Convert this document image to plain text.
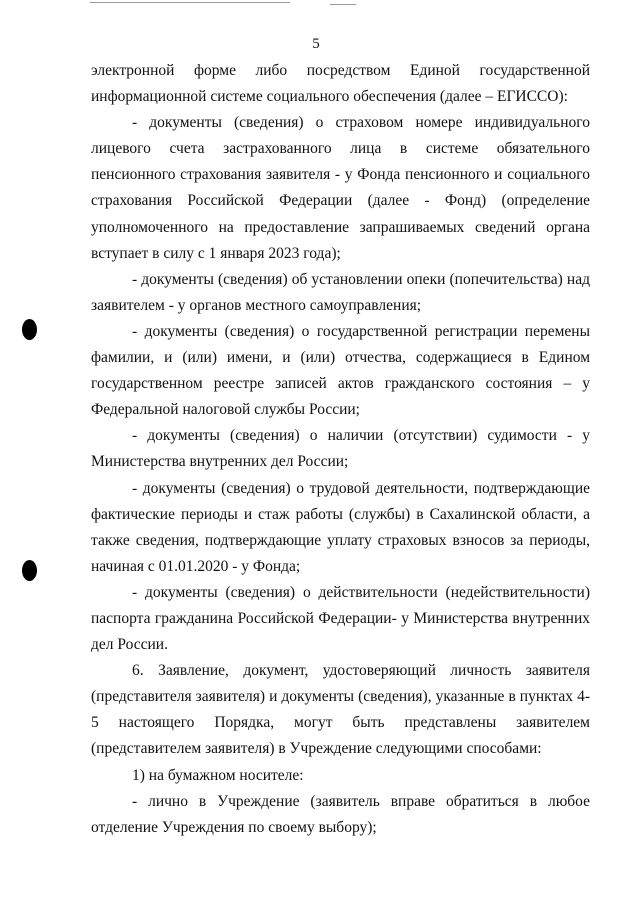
5

электронной форме либо посредством Единой государственной информационной системе социального обеспечения (далее – ЕГИССО):

- документы (сведения) о страховом номере индивидуального лицевого счета застрахованного лица в системе обязательного пенсионного страхования заявителя - у Фонда пенсионного и социального страхования Российской Федерации (далее - Фонд) (определение уполномоченного на предоставление запрашиваемых сведений органа вступает в силу с 1 января 2023 года);

- документы (сведения) об установлении опеки (попечительства) над заявителем - у органов местного самоуправления;

- документы (сведения) о государственной регистрации перемены фамилии, и (или) имени, и (или) отчества, содержащиеся в Едином государственном реестре записей актов гражданского состояния – у Федеральной налоговой службы России;

- документы (сведения) о наличии (отсутствии) судимости - у Министерства внутренних дел России;

- документы (сведения) о трудовой деятельности, подтверждающие фактические периоды и стаж работы (службы) в Сахалинской области, а также сведения, подтверждающие уплату страховых взносов за периоды, начиная с 01.01.2020 - у Фонда;

- документы (сведения) о действительности (недействительности) паспорта гражданина Российской Федерации- у Министерства внутренних дел России.

6. Заявление, документ, удостоверяющий личность заявителя (представителя заявителя) и документы (сведения), указанные в пунктах 4-5 настоящего Порядка, могут быть представлены заявителем (представителем заявителя) в Учреждение следующими способами:

1) на бумажном носителе:

- лично в Учреждение (заявитель вправе обратиться в любое отделение Учреждения по своему выбору);
